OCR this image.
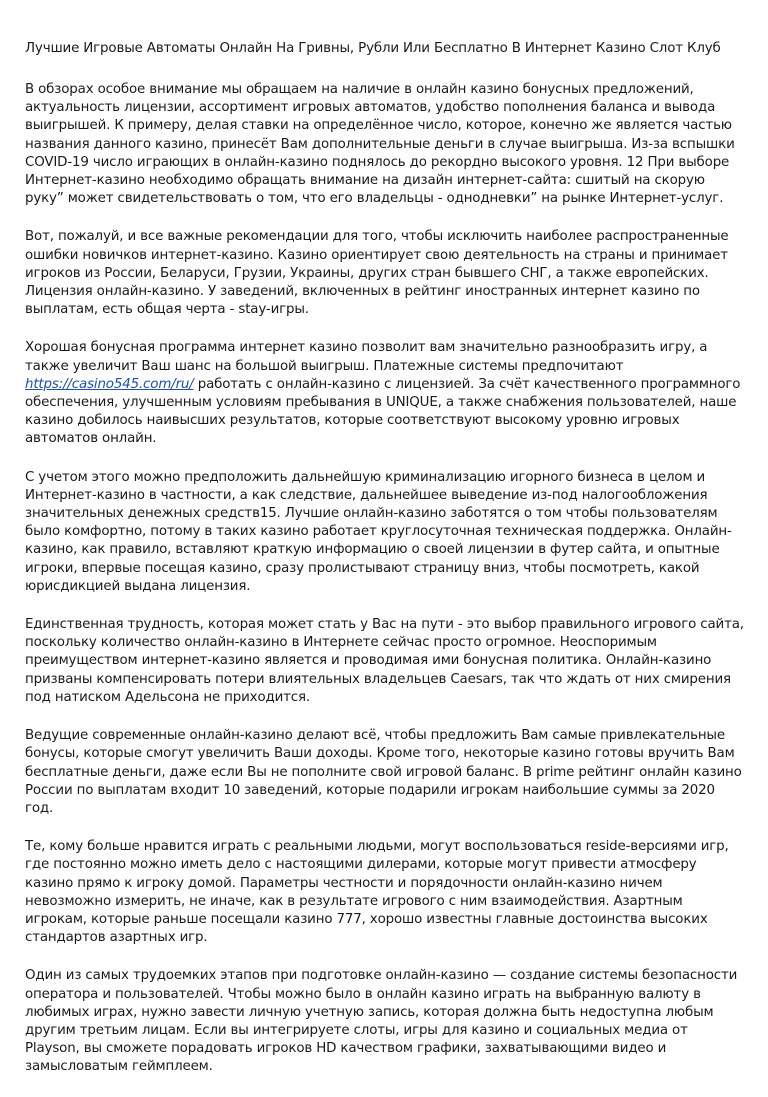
Лучшие Игровые Автоматы Онлайн На Гривны, Рубли Или Бесплатно В Интернет Казино Слот Клуб

В обзорах особое внимание мы обращаем на наличие в онлайн казино бонусных предложений, актуальность лицензии, ассортимент игровых автоматов, удобство пополнения баланса и вывода выигрышей. К примеру, делая ставки на определённое число, которое, конечно же является частью названия данного казино, принесёт Вам дополнительные деньги в случае выигрыша. Из-за вспышки COVID-19 число играющих в онлайн-казино поднялось до рекордно высокого уровня. 12 При выборе Интернет-казино необходимо обращать внимание на дизайн интернет-сайта: сшитый на скорую руку” может свидетельствовать о том, что его владельцы - однодневки” на рынке Интернет-услуг.

Вот, пожалуй, и все важные рекомендации для того, чтобы исключить наиболее распространенные ошибки новичков интернет-казино. Казино ориентирует свою деятельность на страны и принимает игроков из России, Беларуси, Грузии, Украины, других стран бывшего СНГ, а также европейских. Лицензия онлайн-казино. У заведений, включенных в рейтинг иностранных интернет казино по выплатам, есть общая черта - stay-игры.

Хорошая бонусная программа интернет казино позволит вам значительно разнообразить игру, а также увеличит Ваш шанс на большой выигрыш. Платежные системы предпочитают https://casino545.com/ru/ работать с онлайн-казино с лицензией. За счёт качественного программного обеспечения, улучшенным условиям пребывания в UNIQUE, а также снабжения пользователей, наше казино добилось наивысших результатов, которые соответствуют высокому уровню игровых автоматов онлайн.

С учетом этого можно предположить дальнейшую криминализацию игорного бизнеса в целом и Интернет-казино в частности, а как следствие, дальнейшее выведение из-под налогообложения значительных денежных средств15. Лучшие онлайн-казино заботятся о том чтобы пользователям было комфортно, потому в таких казино работает круглосуточная техническая поддержка. Онлайн-казино, как правило, вставляют краткую информацию о своей лицензии в футер сайта, и опытные игроки, впервые посещая казино, сразу пролистывают страницу вниз, чтобы посмотреть, какой юрисдикцией выдана лицензия.

Единственная трудность, которая может стать у Вас на пути - это выбор правильного игрового сайта, поскольку количество онлайн-казино в Интернете сейчас просто огромное. Неоспоримым преимуществом интернет-казино является и проводимая ими бонусная политика. Онлайн-казино призваны компенсировать потери влиятельных владельцев Caesars, так что ждать от них смирения под натиском Адельсона не приходится.

Ведущие современные онлайн-казино делают всё, чтобы предложить Вам самые привлекательные бонусы, которые смогут увеличить Ваши доходы. Кроме того, некоторые казино готовы вручить Вам бесплатные деньги, даже если Вы не пополните свой игровой баланс. В prime рейтинг онлайн казино России по выплатам входит 10 заведений, которые подарили игрокам наибольшие суммы за 2020 год.

Те, кому больше нравится играть с реальными людьми, могут воспользоваться reside-версиями игр, где постоянно можно иметь дело с настоящими дилерами, которые могут привести атмосферу казино прямо к игроку домой. Параметры честности и порядочности онлайн-казино ничем невозможно измерить, не иначе, как в результате игрового с ним взаимодействия. Азартным игрокам, которые раньше посещали казино 777, хорошо известны главные достоинства высоких стандартов азартных игр.

Один из самых трудоемких этапов при подготовке онлайн-казино — создание системы безопасности оператора и пользователей. Чтобы можно было в онлайн казино играть на выбранную валюту в любимых играх, нужно завести личную учетную запись, которая должна быть недоступна любым другим третьим лицам. Если вы интегрируете слоты, игры для казино и социальных медиа от Playson, вы сможете порадовать игроков HD качеством графики, захватывающими видео и замысловатым геймплеем.
